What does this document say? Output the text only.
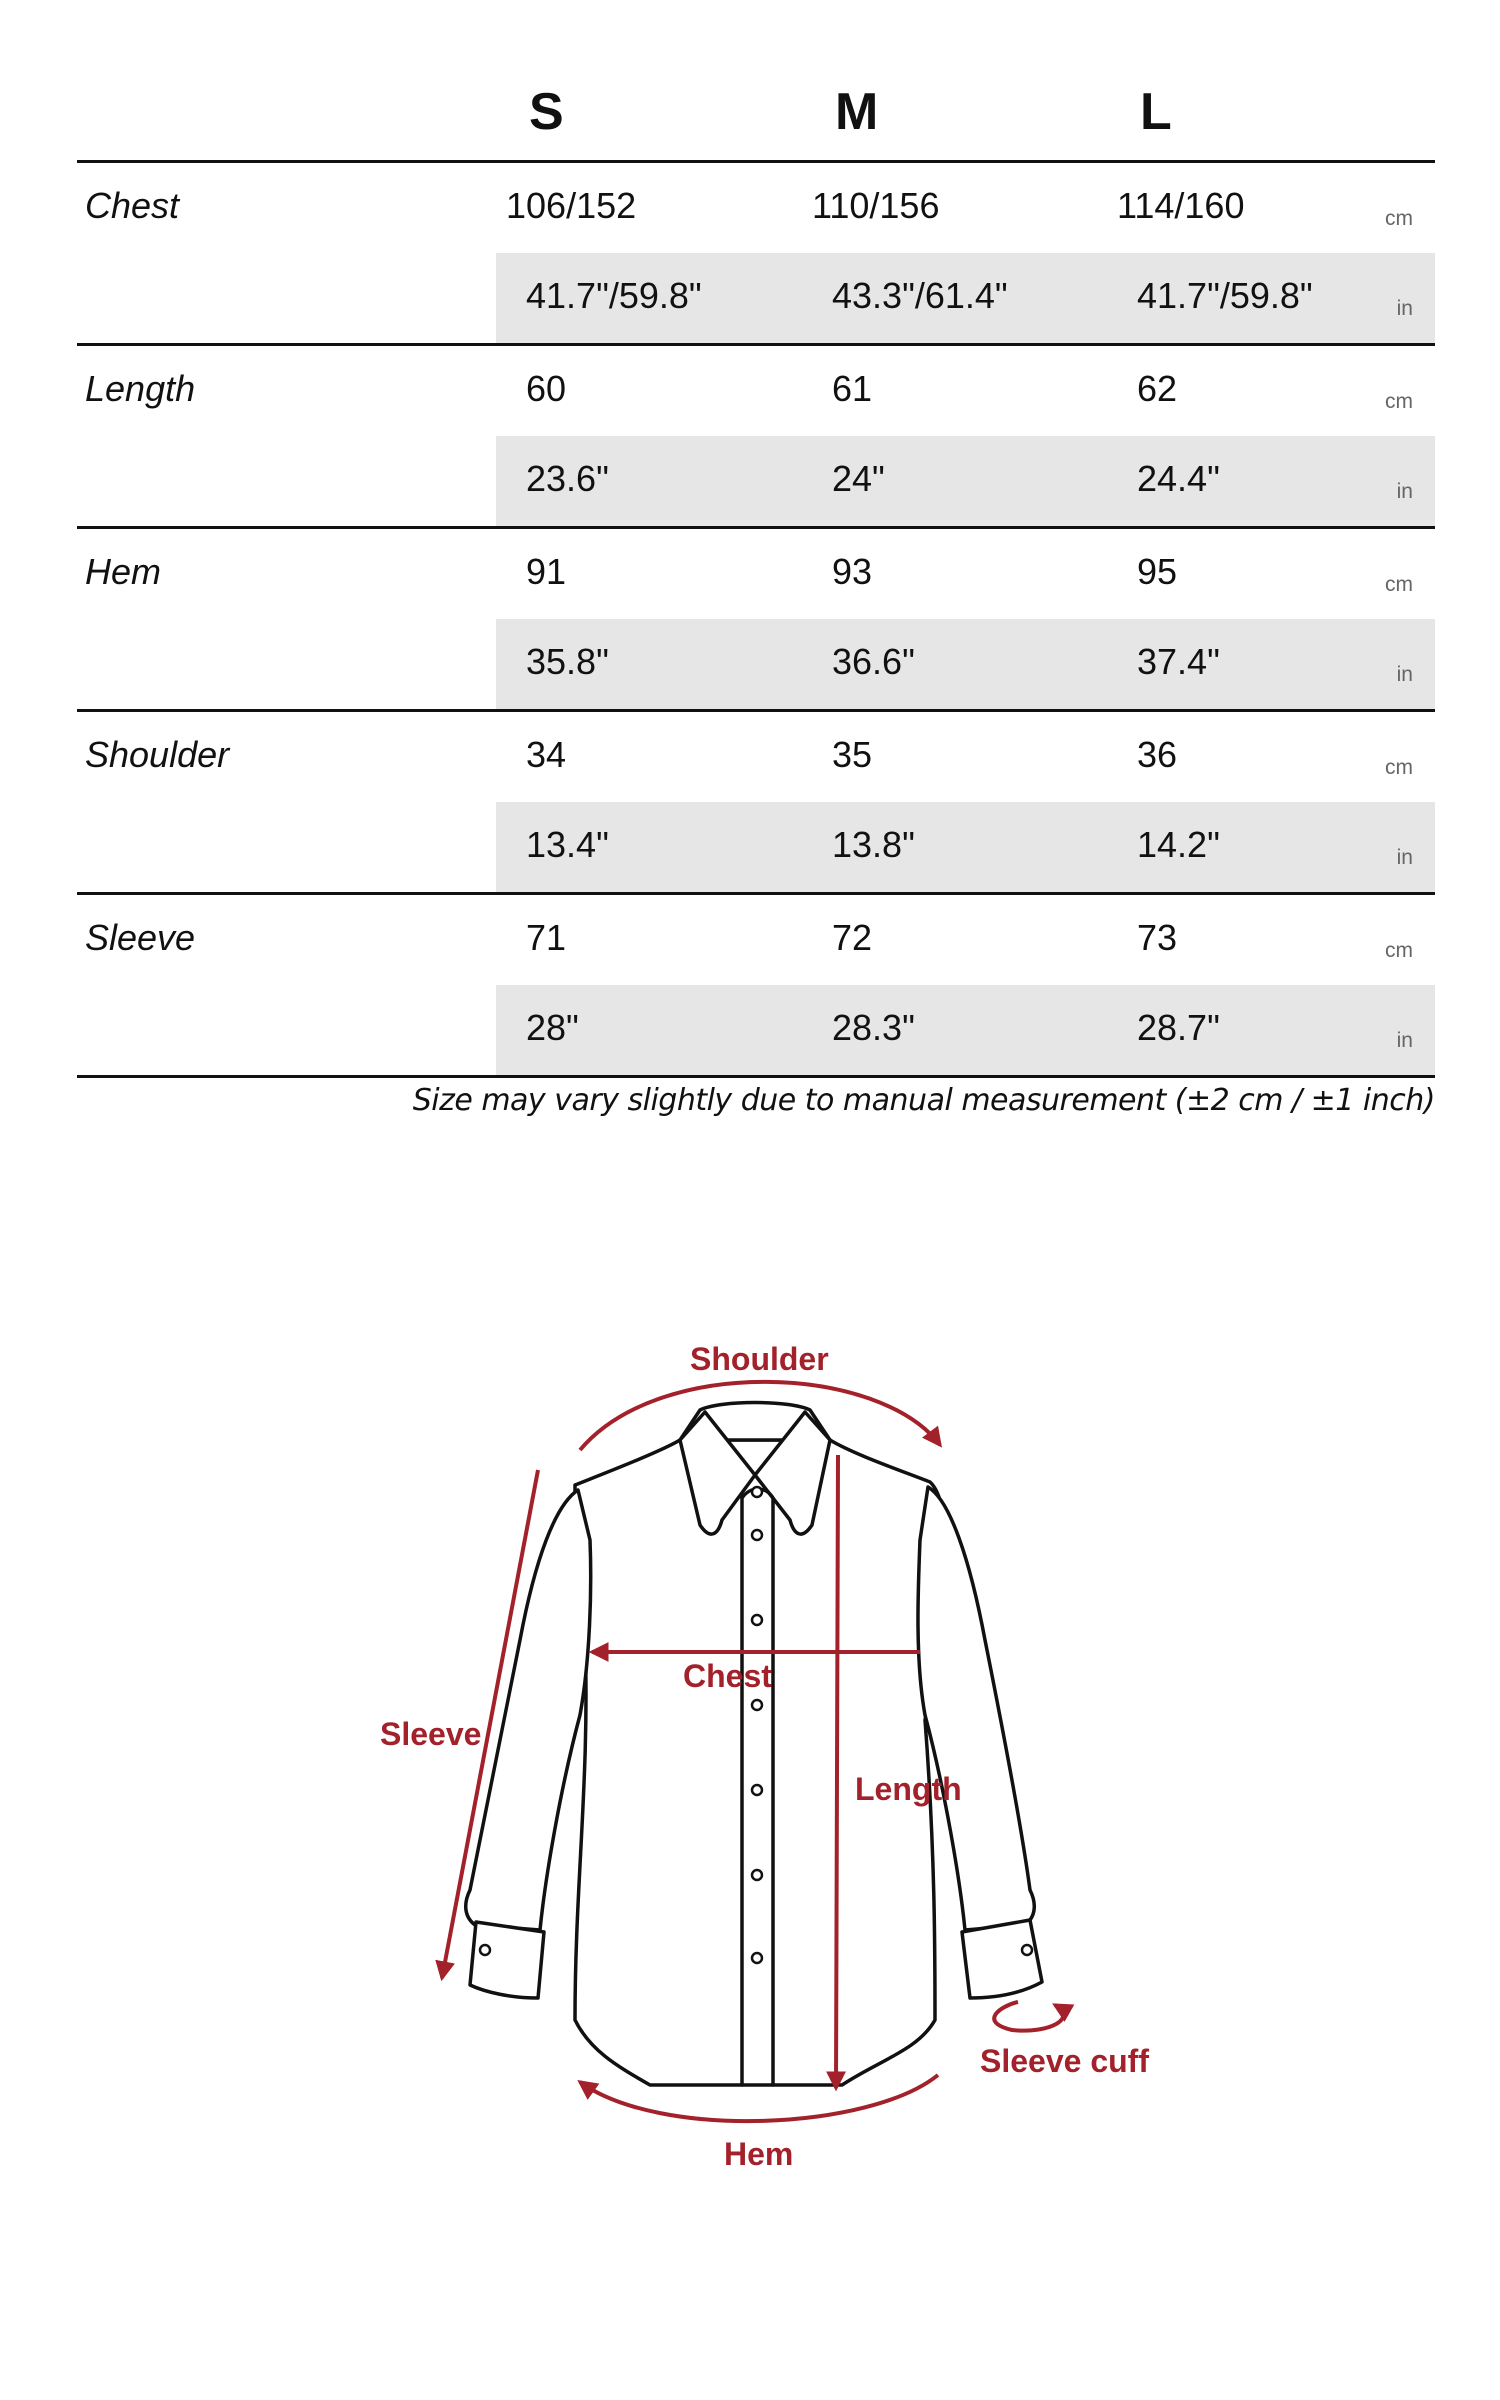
S	M	L
Chest	106/152	110/156	114/160	cm
41.7"/59.8"	43.3"/61.4"	41.7"/59.8"	in
Length	60	61	62	cm
23.6"	24"	24.4"	in
Hem	91	93	95	cm
35.8"	36.6"	37.4"	in
Shoulder	34	35	36	cm
13.4"	13.8"	14.2"	in
Sleeve	71	72	73	cm
28"	28.3"	28.7"	in
Size may vary slightly due to manual measurement (±2 cm / ±1 inch)
Shoulder
Chest
Sleeve
Length
Sleeve cuff
Hem
